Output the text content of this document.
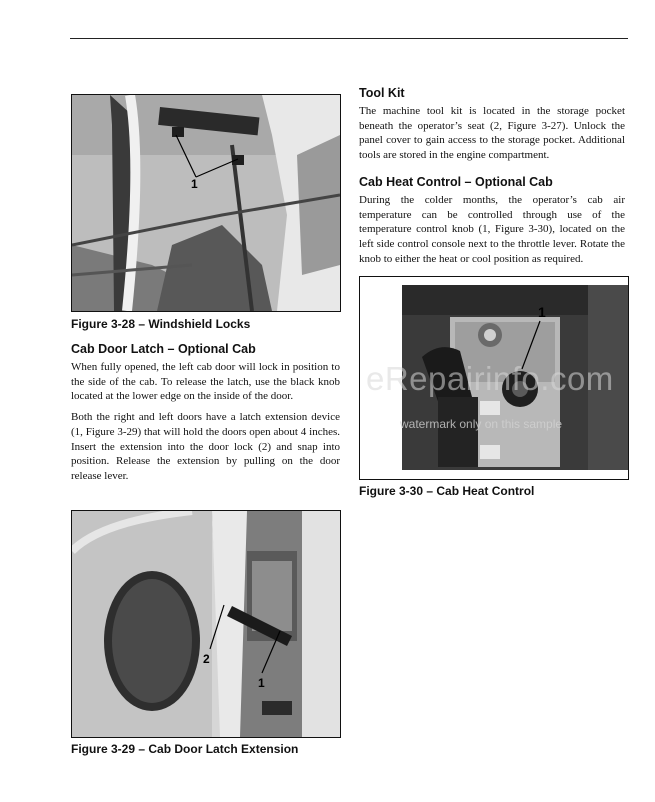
1
Figure 3-28 – Windshield Locks
Cab Door Latch – Optional Cab

When fully opened, the left cab door will lock in position to the side of the cab. To release the latch, use the black knob located at the lower edge on the inside of the door.

Both the right and left doors have a latch extension device (1, Figure 3-29) that will hold the doors open about 4 inches. Insert the extension into the door lock (2) and snap into position. Release the extension by pulling on the door release lever.

2
1
Figure 3-29 – Cab Door Latch Extension
Tool Kit

The machine tool kit is located in the storage pocket beneath the operator’s seat (2, Figure 3-27). Unlock the panel cover to gain access to the storage pocket. Additional tools are stored in the engine compartment.

Cab Heat Control – Optional Cab

During the colder months, the operator’s cab air temperature can be controlled through use of the temperature control knob (1, Figure 3-30), located on the left side control console next to the throttle lever. Rotate the knob to either the heat or cool position as required.

1
Figure 3-30 – Cab Heat Control
eRepairinfo.com
watermark only on this sample
